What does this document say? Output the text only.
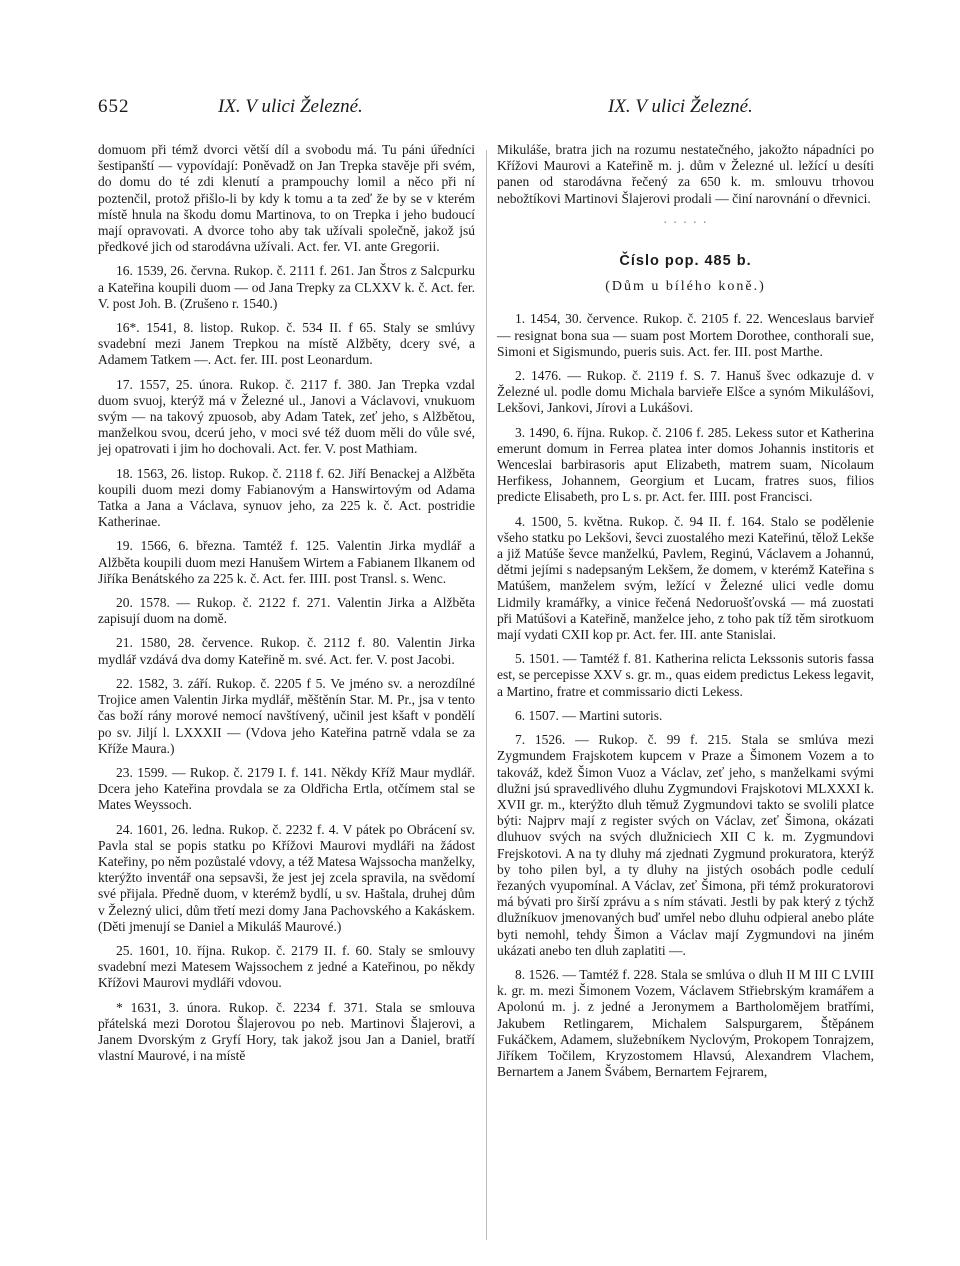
652	IX. V ulici Železné.	IX. V ulici Železné.

domuom při témž dvorci větší díl a svobodu má. Tu páni úředníci šestipanští — vypovídají: Poněvadž on Jan Trepka stavěje při svém, do domu do té zdi klenutí a prampouchy lomil a něco při ní poztenčil, protož přišlo-li by kdy k tomu a ta zeď že by se v kterém místě hnula na škodu domu Martinova, to on Trepka i jeho budoucí mají opravovati. A dvorce toho aby tak užívali společně, jakož jsú předkové jich od starodávna užívali. Act. fer. VI. ante Gregorii.

16. 1539, 26. června. Rukop. č. 2111 f. 261. Jan Štros z Salcpurku a Kateřina koupili duom — od Jana Trepky za CLXXV k. č. Act. fer. V. post Joh. B. (Zrušeno r. 1540.)

16*. 1541, 8. listop. Rukop. č. 534 II. f 65. Staly se smlúvy svadební mezi Janem Trepkou na místě Alžběty, dcery své, a Adamem Tatkem —. Act. fer. III. post Leonardum.

17. 1557, 25. února. Rukop. č. 2117 f. 380. Jan Trepka vzdal duom svuoj, kterýž má v Železné ul., Janovi a Václavovi, vnukuom svým — na takový zpuosob, aby Adam Tatek, zeť jeho, s Alžbětou, manželkou svou, dcerú jeho, v moci své též duom měli do vůle své, jej opatrovati i jim ho dochovali. Act. fer. V. post Mathiam.

18. 1563, 26. listop. Rukop. č. 2118 f. 62. Jiří Benackej a Alžběta koupili duom mezi domy Fabianovým a Hanswirtovým od Adama Tatka a Jana a Václava, synuov jeho, za 225 k. č. Act. postridie Katherinae.

19. 1566, 6. března. Tamtéž f. 125. Valentin Jirka mydlář a Alžběta koupili duom mezi Hanušem Wirtem a Fabianem Ilkanem od Jiříka Benátského za 225 k. č. Act. fer. IIII. post Transl. s. Wenc.

20. 1578. — Rukop. č. 2122 f. 271. Valentin Jirka a Alžběta zapisují duom na domě.

21. 1580, 28. července. Rukop. č. 2112 f. 80. Valentin Jirka mydlář vzdává dva domy Kateřině m. své. Act. fer. V. post Jacobi.

22. 1582, 3. září. Rukop. č. 2205 f 5. Ve jméno sv. a nerozdílné Trojice amen Valentin Jirka mydlář, měštěnín Star. M. Pr., jsa v tento čas boží rány morové nemocí navštívený, učinil jest kšaft v pondělí po sv. Jiljí l. LXXXII — (Vdova jeho Kateřina patrně vdala se za Kříže Maura.)

23. 1599. — Rukop. č. 2179 I. f. 141. Někdy Kříž Maur mydlář. Dcera jeho Kateřina provdala se za Oldřicha Ertla, otčímem stal se Mates Weyssoch.

24. 1601, 26. ledna. Rukop. č. 2232 f. 4. V pátek po Obrácení sv. Pavla stal se popis statku po Křížovi Maurovi mydláři na žádost Kateřiny, po něm pozůstalé vdovy, a též Matesa Wajssocha manželky, kterýžto inventář ona sepsavši, že jest jej zcela spravila, na svědomí své přijala. Předně duom, v kterémž bydlí, u sv. Haštala, druhej dům v Železný ulici, dům třetí mezi domy Jana Pachovského a Kakáskem. (Děti jmenují se Daniel a Mikuláš Maurové.)

25. 1601, 10. října. Rukop. č. 2179 II. f. 60. Staly se smlouvy svadební mezi Matesem Wajssochem z jedné a Kateřinou, po někdy Křížovi Maurovi mydláři vdovou.

* 1631, 3. února. Rukop. č. 2234 f. 371. Stala se smlouva přátelská mezi Dorotou Šlajerovou po neb. Martinovi Šlajerovi, a Janem Dvorským z Gryfí Hory, tak jakož jsou Jan a Daniel, bratří vlastní Maurové, i na místě

Mikuláše, bratra jich na rozumu nestatečného, jakožto nápadníci po Křížovi Maurovi a Kateřině m. j. dům v Železné ul. ležící u desíti panen od starodávna řečený za 650 k. m. smlouvu trhovou nebožtíkovi Martinovi Šlajerovi prodali — činí narovnání o dřevnici.

· · · · ·
Číslo pop. 485 b.
(Dům u bílého koně.)

1. 1454, 30. července. Rukop. č. 2105 f. 22. Wenceslaus barvieř — resignat bona sua — suam post Mortem Dorothee, conthorali sue, Simoni et Sigismundo, pueris suis. Act. fer. III. post Marthe.

2. 1476. — Rukop. č. 2119 f. S. 7. Hanuš švec odkazuje d. v Železné ul. podle domu Michala barvieře Elšce a synóm Mikulášovi, Lekšovi, Jankovi, Jírovi a Lukášovi.

3. 1490, 6. října. Rukop. č. 2106 f. 285. Lekess sutor et Katherina emerunt domum in Ferrea platea inter domos Johannis institoris et Wenceslai barbirasoris aput Elizabeth, matrem suam, Nicolaum Herfikess, Johannem, Georgium et Lucam, fratres suos, filios predicte Elisabeth, pro L s. pr. Act. fer. IIII. post Francisci.

4. 1500, 5. května. Rukop. č. 94 II. f. 164. Stalo se podělenie všeho statku po Lekšovi, ševci zuostalého mezi Kateřinú, tělož Lekše a již Matúše ševce manželkú, Pavlem, Reginú, Václavem a Johannú, dětmi jejími s nadepsaným Lekšem, že domem, v kterémž Kateřina s Matúšem, manželem svým, ležící v Železné ulici vedle domu Lidmily kramářky, a vinice řečená Nedoruošťovská — má zuostati při Matúšovi a Kateřině, manželce jeho, z toho pak tíž těm sirotkuom mají vydati CXII kop pr. Act. fer. III. ante Stanislai.

5. 1501. — Tamtéž f. 81. Katherina relicta Lekssonis sutoris fassa est, se percepisse XXV s. gr. m., quas eidem predictus Lekess legavit, a Martino, fratre et commissario dicti Lekess.

6. 1507. — Martini sutoris.

7. 1526. — Rukop. č. 99 f. 215. Stala se smlúva mezi Zygmundem Frajskotem kupcem v Praze a Šimonem Vozem a to takováž, kdež Šimon Vuoz a Václav, zeť jeho, s manželkami svými dlužni jsú spravedlivého dluhu Zygmundovi Frajskotovi MLXXXI k. XVII gr. m., kterýžto dluh těmuž Zygmundovi takto se svolili platce býti: Najprv mají z register svých on Václav, zeť Šimona, okázati dluhuov svých na svých dlužniciech XII C k. m. Zygmundovi Frejskotovi. A na ty dluhy má zjednati Zygmund prokuratora, kterýž by toho pilen byl, a ty dluhy na jistých osobách podle cedulí řezaných vyupomínal. A Václav, zeť Šimona, při témž prokuratorovi má bývati pro širší zprávu a s ním stávati. Jestli by pak který z týchž dlužníkuov jmenovaných buď umřel nebo dluhu odpieral anebo pláte byti nemohl, tehdy Šimon a Václav mají Zygmundovi na jiném ukázati anebo ten dluh zaplatiti —.

8. 1526. — Tamtéž f. 228. Stala se smlúva o dluh II M III C LVIII k. gr. m. mezi Šimonem Vozem, Václavem Střiebrským kramářem a Apolonú m. j. z jedné a Jeronymem a Bartholomějem bratřími, Jakubem Retlingarem, Michalem Salspurgarem, Štěpánem Fukáčkem, Adamem, služebníkem Nyclovým, Prokopem Tonrajzem, Jiříkem Točilem, Kryzostomem Hlavsú, Alexandrem Vlachem, Bernartem a Janem Švábem, Bernartem Fejrarem,
